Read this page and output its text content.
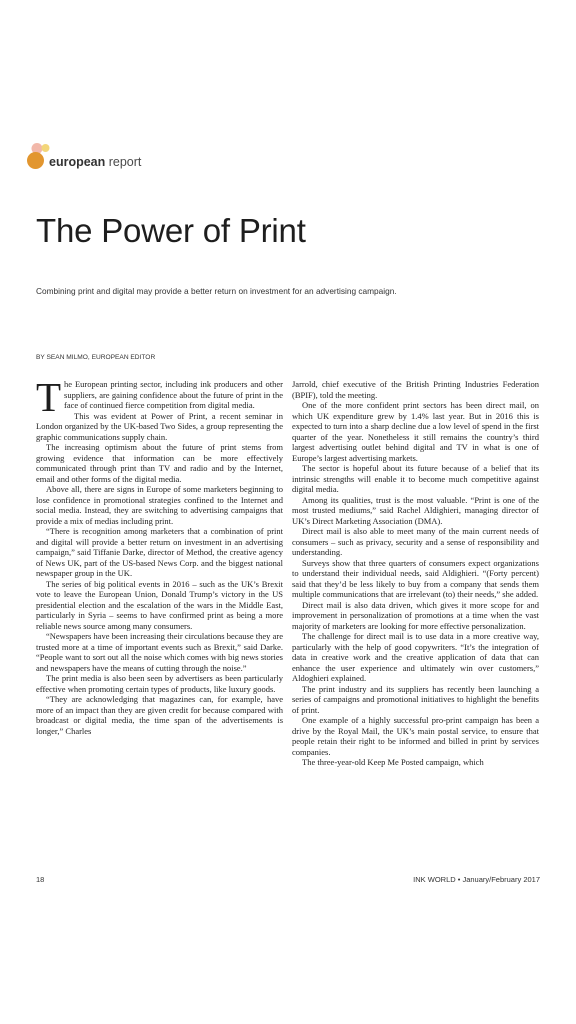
european report
The Power of Print

Combining print and digital may provide a better return on investment for an advertising campaign.

BY SEAN MILMO, EUROPEAN EDITOR

The European printing sector, including ink producers and other suppliers, are gaining confidence about the future of print in the face of continued fierce competition from digital media.

This was evident at Power of Print, a recent seminar in London organized by the UK-based Two Sides, a group representing the graphic communications supply chain.

The increasing optimism about the future of print stems from growing evidence that information can be more effectively communicated through print than TV and radio and by the Internet, email and other forms of the digital media.

Above all, there are signs in Europe of some marketers beginning to lose confidence in promotional strategies confined to the Internet and social media. Instead, they are switching to advertising campaigns that provide a mix of medias including print.

“There is recognition among marketers that a combination of print and digital will provide a better return on investment in an advertising campaign,” said Tiffanie Darke, director of Method, the creative agency of News UK, part of the US-based News Corp. and the biggest national newspaper group in the UK.

The series of big political events in 2016 – such as the UK’s Brexit vote to leave the European Union, Donald Trump’s victory in the US presidential election and the escalation of the wars in the Middle East, particularly in Syria – seems to have confirmed print as being a more reliable news source among many consumers.

“Newspapers have been increasing their circulations because they are trusted more at a time of important events such as Brexit,” said Darke. “People want to sort out all the noise which comes with big news stories and newspapers have the means of cutting through the noise.”

The print media is also been seen by advertisers as been particularly effective when promoting certain types of products, like luxury goods.

“They are acknowledging that magazines can, for example, have more of an impact than they are given credit for because compared with broadcast or digital media, the time span of the advertisements is longer,” Charles

Jarrold, chief executive of the British Printing Industries Federation (BPIF), told the meeting.

One of the more confident print sectors has been direct mail, on which UK expenditure grew by 1.4% last year. But in 2016 this is expected to turn into a sharp decline due a low level of spend in the first quarter of the year. Nonetheless it still remains the country’s third largest advertising outlet behind digital and TV in what is one of Europe’s largest advertising markets.

The sector is hopeful about its future because of a belief that its intrinsic strengths will enable it to become much competitive against digital media.

Among its qualities, trust is the most valuable. “Print is one of the most trusted mediums,” said Rachel Aldighieri, managing director of UK’s Direct Marketing Association (DMA).

Direct mail is also able to meet many of the main current needs of consumers – such as privacy, security and a sense of responsibility and understanding.

Surveys show that three quarters of consumers expect organizations to understand their individual needs, said Aldighieri. “(Forty percent) said that they’d be less likely to buy from a company that sends them multiple communications that are irrelevant (to) their needs,” she added.

Direct mail is also data driven, which gives it more scope for and improvement in personalization of promotions at a time when the vast majority of marketers are looking for more effective personalization.

The challenge for direct mail is to use data in a more creative way, particularly with the help of good copywriters. “It’s the integration of data in creative work and the creative application of data that can enhance the user experience and ultimately win over customers,” Aldoghieri explained.

The print industry and its suppliers has recently been launching a series of campaigns and promotional initiatives to highlight the benefits of print.

One example of a highly successful pro-print campaign has been a drive by the Royal Mail, the UK’s main postal service, to ensure that people retain their right to be informed and billed in print by services companies.

The three-year-old Keep Me Posted campaign, which

18	INK WORLD • January/February 2017
